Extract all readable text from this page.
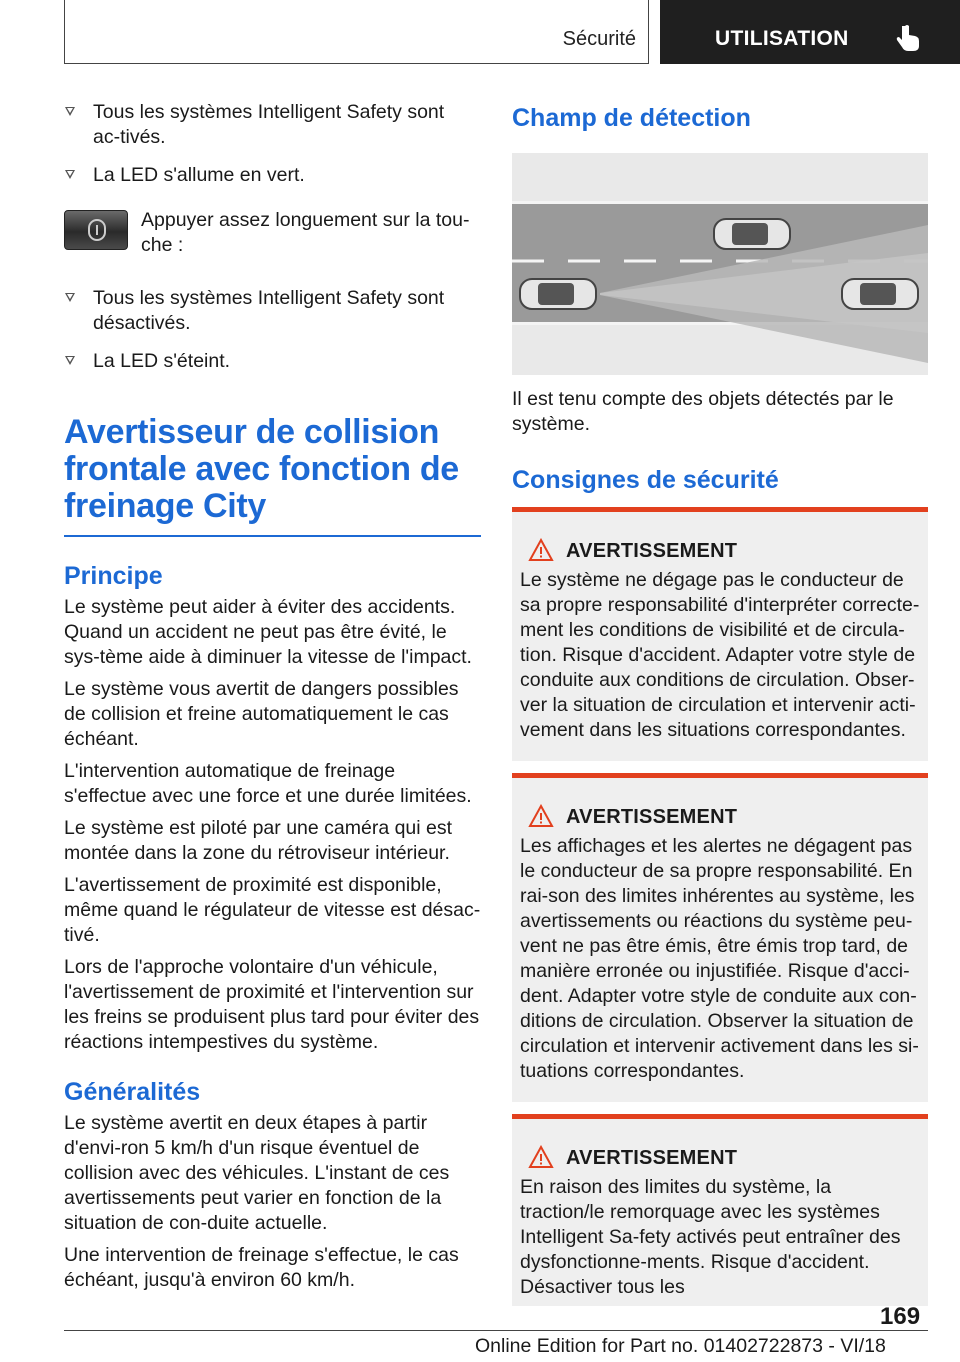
Sécurité	UTILISATION
Tous les systèmes Intelligent Safety sont ac-tivés.
La LED s'allume en vert.
Appuyer assez longuement sur la tou-che :
Tous les systèmes Intelligent Safety sont désactivés.
La LED s'éteint.
Avertisseur de collision frontale avec fonction de freinage City
Principe
Le système peut aider à éviter des accidents. Quand un accident ne peut pas être évité, le sys-tème aide à diminuer la vitesse de l'impact.
Le système vous avertit de dangers possibles de collision et freine automatiquement le cas échéant.
L'intervention automatique de freinage s'effectue avec une force et une durée limitées.
Le système est piloté par une caméra qui est montée dans la zone du rétroviseur intérieur.
L'avertissement de proximité est disponible, même quand le régulateur de vitesse est désac-tivé.
Lors de l'approche volontaire d'un véhicule, l'avertissement de proximité et l'intervention sur les freins se produisent plus tard pour éviter des réactions intempestives du système.
Généralités
Le système avertit en deux étapes à partir d'envi-ron 5 km/h d'un risque éventuel de collision avec des véhicules. L'instant de ces avertissements peut varier en fonction de la situation de con-duite actuelle.
Une intervention de freinage s'effectue, le cas échéant, jusqu'à environ 60 km/h.
Champ de détection
Il est tenu compte des objets détectés par le système.
Consignes de sécurité
AVERTISSEMENT
Le système ne dégage pas le conducteur de sa propre responsabilité d'interpréter correcte-ment les conditions de visibilité et de circula-tion. Risque d'accident. Adapter votre style de conduite aux conditions de circulation. Obser-ver la situation de circulation et intervenir acti-vement dans les situations correspondantes.
AVERTISSEMENT
Les affichages et les alertes ne dégagent pas le conducteur de sa propre responsabilité. En rai-son des limites inhérentes au système, les avertissements ou réactions du système peu-vent ne pas être émis, être émis trop tard, de manière erronée ou injustifiée. Risque d'acci-dent. Adapter votre style de conduite aux con-ditions de circulation. Observer la situation de circulation et intervenir activement dans les si-tuations correspondantes.
AVERTISSEMENT
En raison des limites du système, la traction/le remorquage avec les systèmes Intelligent Sa-fety activés peut entraîner des dysfonctionne-ments. Risque d'accident. Désactiver tous les
169
Online Edition for Part no. 01402722873 - VI/18
